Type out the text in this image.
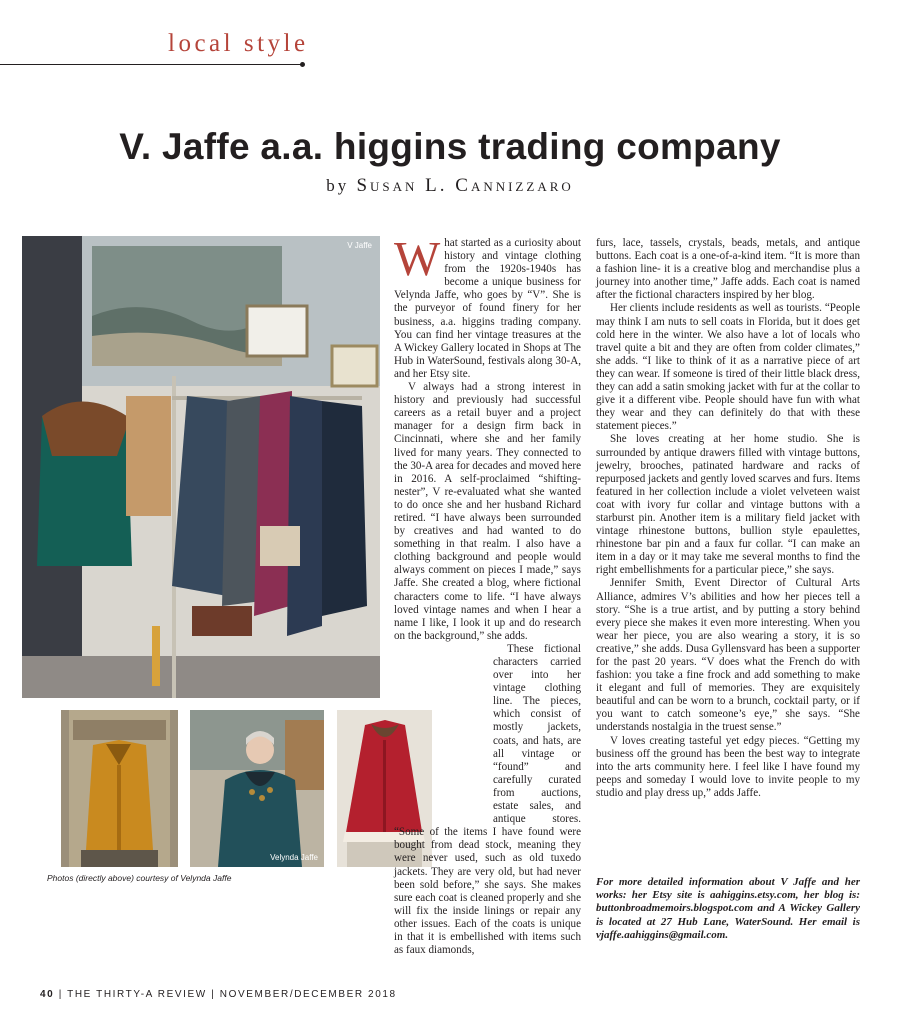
local style
V. Jaffe a.a. higgins trading company
by Susan L. Cannizzaro
V Jaffe
Velynda Jaffe
Photos (directly above) courtesy of Velynda Jaffe

What started as a curiosity about history and vintage clothing from the 1920s-1940s has become a unique business for Velynda Jaffe, who goes by “V”. She is the purveyor of found finery for her business, a.a. higgins trading company. You can find her vintage treasures at the A Wickey Gallery located in Shops at The Hub in WaterSound, festivals along 30-A, and her Etsy site.

V always had a strong interest in history and previously had successful careers as a retail buyer and a project manager for a design firm back in Cincinnati, where she and her family lived for many years. They connected to the 30-A area for decades and moved here in 2016. A self-proclaimed “shifting-nester”, V re-evaluated what she wanted to do once she and her husband Richard retired. “I have always been surrounded by creatives and had wanted to do something in that realm. I also have a clothing background and people would always comment on pieces I made,” says Jaffe. She created a blog, where fictional characters come to life. “I have always loved vintage names and when I hear a name I like, I look it up and do research on the background,” she adds.

These fictional characters carried over into her vintage clothing line. The pieces, which consist of mostly jackets, coats, and hats, are all vintage or “found” and carefully curated from auctions, estate sales, and antique stores. “Some of the items I have found were bought from dead stock, meaning they were never used, such as old tuxedo jackets. They are very old, but had never been sold before,” she says. She makes sure each coat is cleaned properly and she will fix the inside linings or repair any other issues. Each of the coats is unique in that it is embellished with items such as faux diamonds,

furs, lace, tassels, crystals, beads, metals, and antique buttons. Each coat is a one-of-a-kind item. “It is more than a fashion line- it is a creative blog and merchandise plus a journey into another time,” Jaffe adds. Each coat is named after the fictional characters inspired by her blog.

Her clients include residents as well as tourists. “People may think I am nuts to sell coats in Florida, but it does get cold here in the winter. We also have a lot of locals who travel quite a bit and they are often from colder climates,” she adds. “I like to think of it as a narrative piece of art they can wear. If someone is tired of their little black dress, they can add a satin smoking jacket with fur at the collar to give it a different vibe. People should have fun with what they wear and they can definitely do that with these statement pieces.”

She loves creating at her home studio. She is surrounded by antique drawers filled with vintage buttons, jewelry, brooches, patinated hardware and racks of repurposed jackets and gently loved scarves and furs. Items featured in her collection include a violet velveteen waist coat with ivory fur collar and vintage buttons with a starburst pin. Another item is a military field jacket with vintage rhinestone buttons, bullion style epaulettes, rhinestone bar pin and a faux fur collar. “I can make an item in a day or it may take me several months to find the right embellishments for a particular piece,” she says.

Jennifer Smith, Event Director of Cultural Arts Alliance, admires V’s abilities and how her pieces tell a story. “She is a true artist, and by putting a story behind every piece she makes it even more interesting. When you wear her piece, you are also wearing a story, it is so creative,” she adds. Dusa Gyllensvard has been a supporter for the past 20 years. “V does what the French do with fashion: you take a fine frock and add something to make it elegant and full of memories. They are exquisitely beautiful and can be worn to a brunch, cocktail party, or if you want to catch someone’s eye,” she says. “She understands nostalgia in the truest sense.”

V loves creating tasteful yet edgy pieces. “Getting my business off the ground has been the best way to integrate into the arts community here. I feel like I have found my peeps and someday I would love to invite people to my studio and play dress up,” adds Jaffe.

For more detailed information about V Jaffe and her works: her Etsy site is aahiggins.etsy.com, her blog is: buttonbroadmemoirs.blogspot.com and A Wickey Gallery is located at 27 Hub Lane, WaterSound. Her email is vjaffe.aahiggins@gmail.com.
40 | THE THIRTY-A REVIEW | NOVEMBER/DECEMBER 2018
